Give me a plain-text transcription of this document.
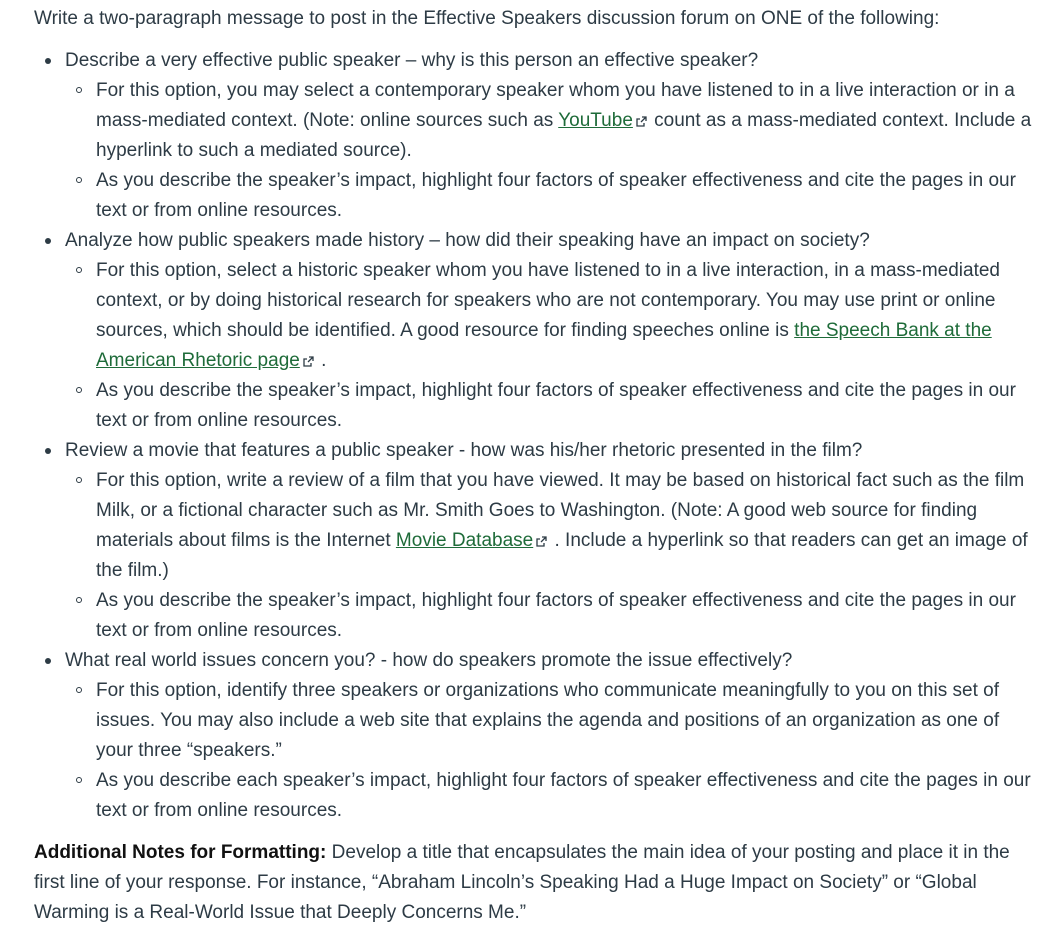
Write a two-paragraph message to post in the Effective Speakers discussion forum on ONE of the following:

Describe a very effective public speaker – why is this person an effective speaker?
For this option, you may select a contemporary speaker whom you have listened to in a live interaction or in a mass-mediated context. (Note: online sources such as YouTube
count as a mass-mediated context. Include a hyperlink to such a mediated source).
As you describe the speaker’s impact, highlight four factors of speaker effectiveness and cite the pages in our text or from online resources.
Analyze how public speakers made history – how did their speaking have an impact on society?
For this option, select a historic speaker whom you have listened to in a live interaction, in a mass-mediated context, or by doing historical research for speakers who are not contemporary. You may use print or online sources, which should be identified. A good resource for finding speeches online is the Speech Bank at the American Rhetoric page
.
As you describe the speaker’s impact, highlight four factors of speaker effectiveness and cite the pages in our text or from online resources.
Review a movie that features a public speaker - how was his/her rhetoric presented in the film?
For this option, write a review of a film that you have viewed. It may be based on historical fact such as the film Milk, or a fictional character such as Mr. Smith Goes to Washington. (Note: A good web source for finding materials about films is the Internet Movie Database
. Include a hyperlink so that readers can get an image of the film.)
As you describe the speaker’s impact, highlight four factors of speaker effectiveness and cite the pages in our text or from online resources.
What real world issues concern you? - how do speakers promote the issue effectively?
For this option, identify three speakers or organizations who communicate meaningfully to you on this set of issues. You may also include a web site that explains the agenda and positions of an organization as one of your three “speakers.”
As you describe each speaker’s impact, highlight four factors of speaker effectiveness and cite the pages in our text or from online resources.

Additional Notes for Formatting: Develop a title that encapsulates the main idea of your posting and place it in the first line of your response. For instance, “Abraham Lincoln’s Speaking Had a Huge Impact on Society” or “Global Warming is a Real-World Issue that Deeply Concerns Me.”
